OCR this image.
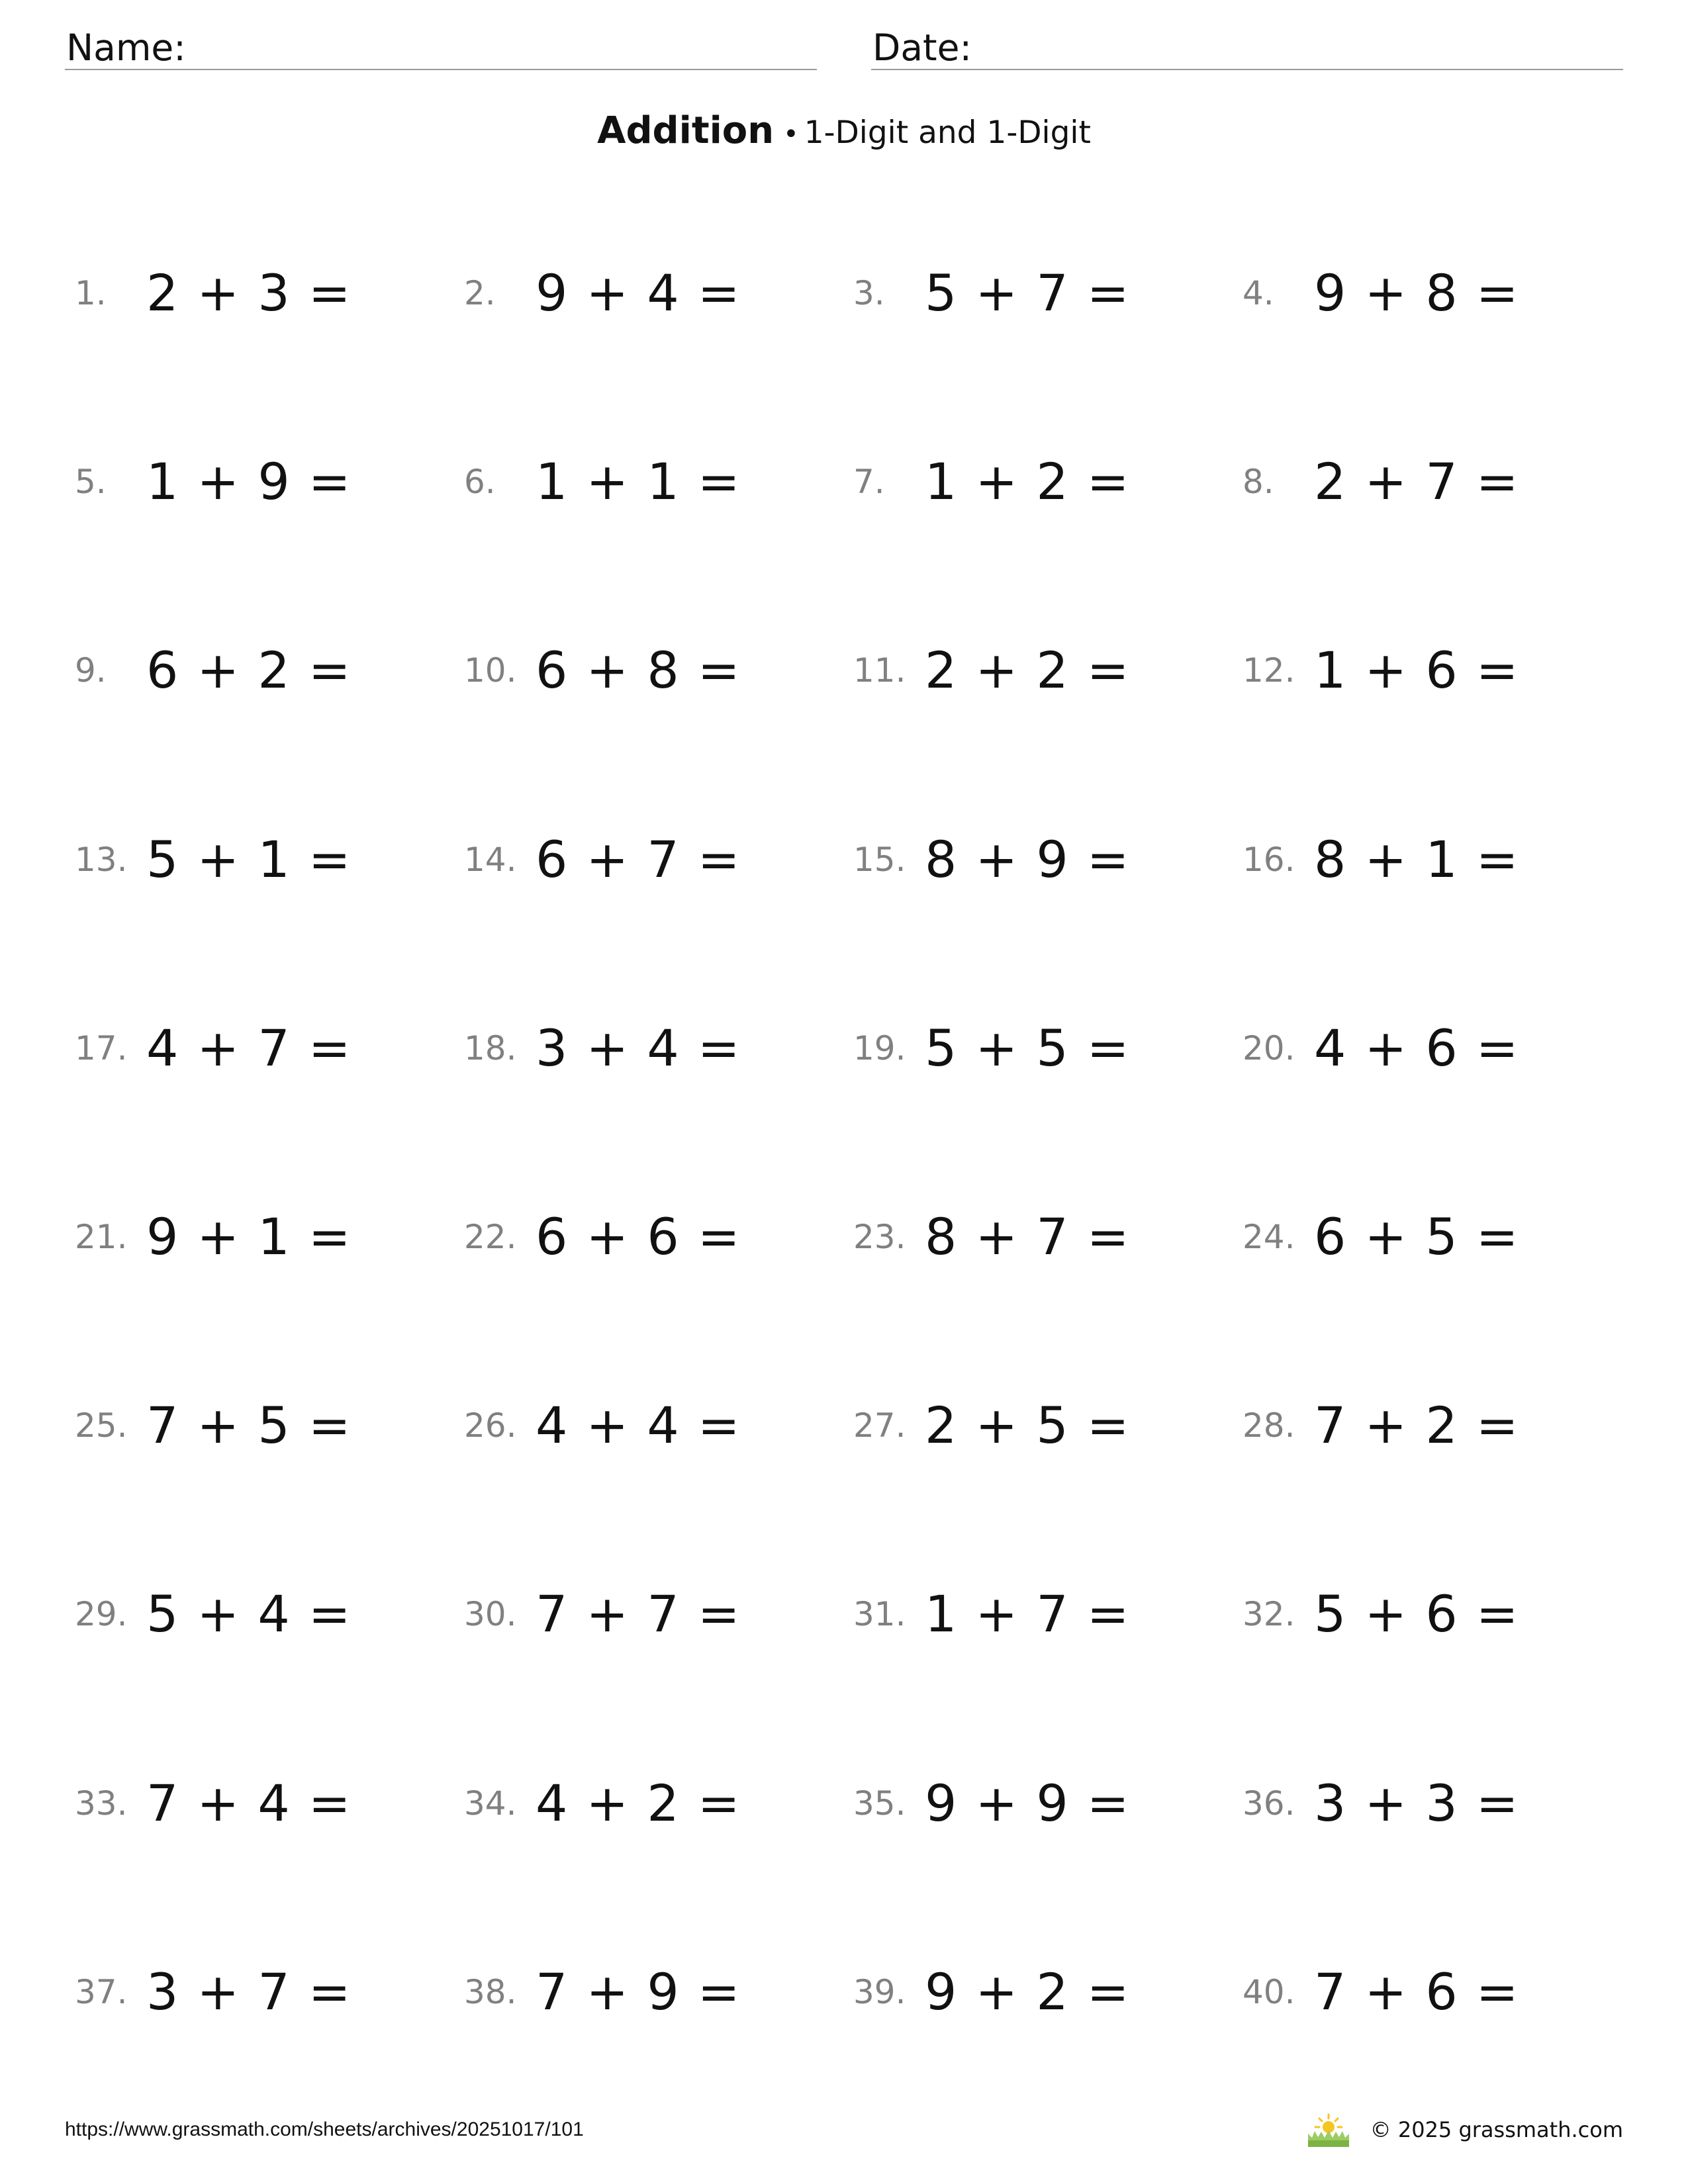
Name:	Date:
Addition • 1-Digit and 1-Digit
1. 2 + 3 =	2. 9 + 4 =	3. 5 + 7 =	4. 9 + 8 =
5. 1 + 9 =	6. 1 + 1 =	7. 1 + 2 =	8. 2 + 7 =
9. 6 + 2 =	10. 6 + 8 =	11. 2 + 2 =	12. 1 + 6 =
13. 5 + 1 =	14. 6 + 7 =	15. 8 + 9 =	16. 8 + 1 =
17. 4 + 7 =	18. 3 + 4 =	19. 5 + 5 =	20. 4 + 6 =
21. 9 + 1 =	22. 6 + 6 =	23. 8 + 7 =	24. 6 + 5 =
25. 7 + 5 =	26. 4 + 4 =	27. 2 + 5 =	28. 7 + 2 =
29. 5 + 4 =	30. 7 + 7 =	31. 1 + 7 =	32. 5 + 6 =
33. 7 + 4 =	34. 4 + 2 =	35. 9 + 9 =	36. 3 + 3 =
37. 3 + 7 =	38. 7 + 9 =	39. 9 + 2 =	40. 7 + 6 =
https://www.grassmath.com/sheets/archives/20251017/101	© 2025 grassmath.com
